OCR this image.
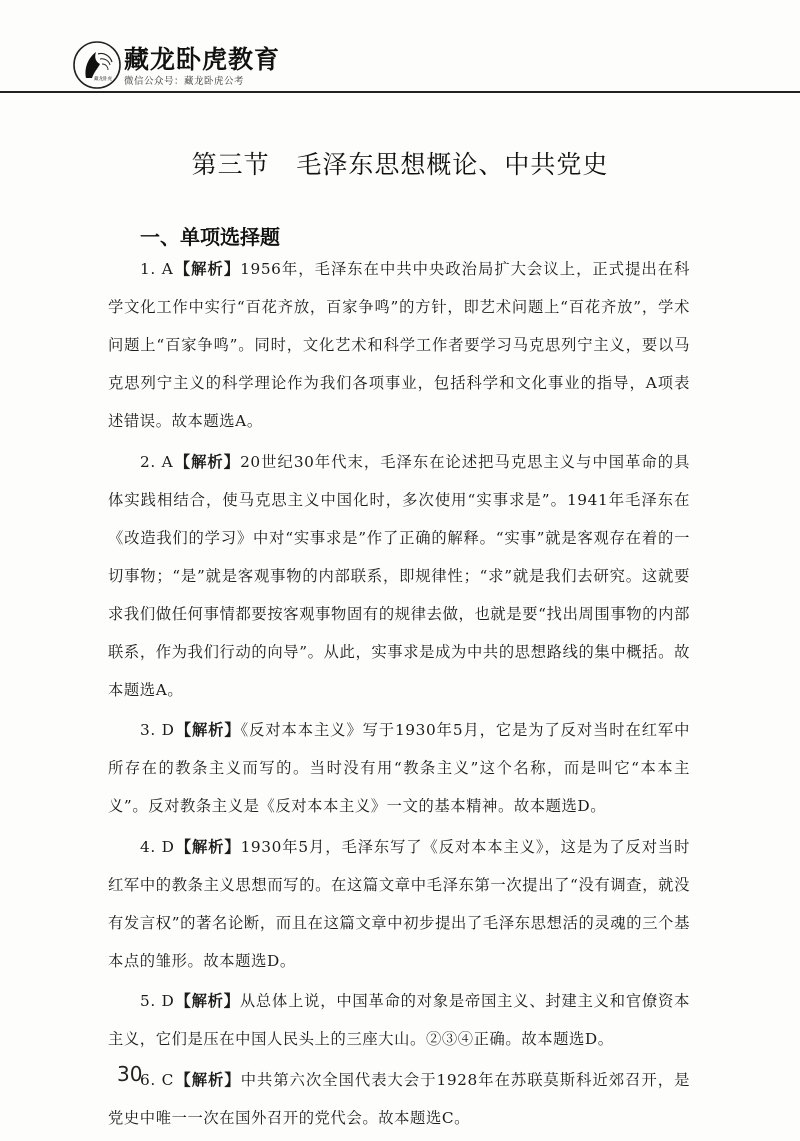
藏龙卧虎
藏龙卧虎教育
微信公众号：藏龙卧虎公考
第三节   毛泽东思想概论、中共党史
一、单项选择题

1. A【解析】1956年，毛泽东在中共中央政治局扩大会议上，正式提出在科学文化工作中实行“百花齐放，百家争鸣”的方针，即艺术问题上“百花齐放”，学术问题上“百家争鸣”。同时，文化艺术和科学工作者要学习马克思列宁主义，要以马克思列宁主义的科学理论作为我们各项事业，包括科学和文化事业的指导，A项表述错误。故本题选A。

2. A【解析】20世纪30年代末，毛泽东在论述把马克思主义与中国革命的具体实践相结合，使马克思主义中国化时，多次使用“实事求是”。1941年毛泽东在《改造我们的学习》中对“实事求是”作了正确的解释。“实事”就是客观存在着的一切事物；“是”就是客观事物的内部联系，即规律性；“求”就是我们去研究。这就要求我们做任何事情都要按客观事物固有的规律去做，也就是要“找出周围事物的内部联系，作为我们行动的向导”。从此，实事求是成为中共的思想路线的集中概括。故本题选A。

3. D【解析】《反对本本主义》写于1930年5月，它是为了反对当时在红军中所存在的教条主义而写的。当时没有用“教条主义”这个名称，而是叫它“本本主义”。反对教条主义是《反对本本主义》一文的基本精神。故本题选D。

4. D【解析】1930年5月，毛泽东写了《反对本本主义》，这是为了反对当时红军中的教条主义思想而写的。在这篇文章中毛泽东第一次提出了“没有调查，就没有发言权”的著名论断，而且在这篇文章中初步提出了毛泽东思想活的灵魂的三个基本点的雏形。故本题选D。

5. D【解析】从总体上说，中国革命的对象是帝国主义、封建主义和官僚资本主义，它们是压在中国人民头上的三座大山。②③④正确。故本题选D。

6. C【解析】中共第六次全国代表大会于1928年在苏联莫斯科近郊召开，是党史中唯一一次在国外召开的党代会。故本题选C。

30
